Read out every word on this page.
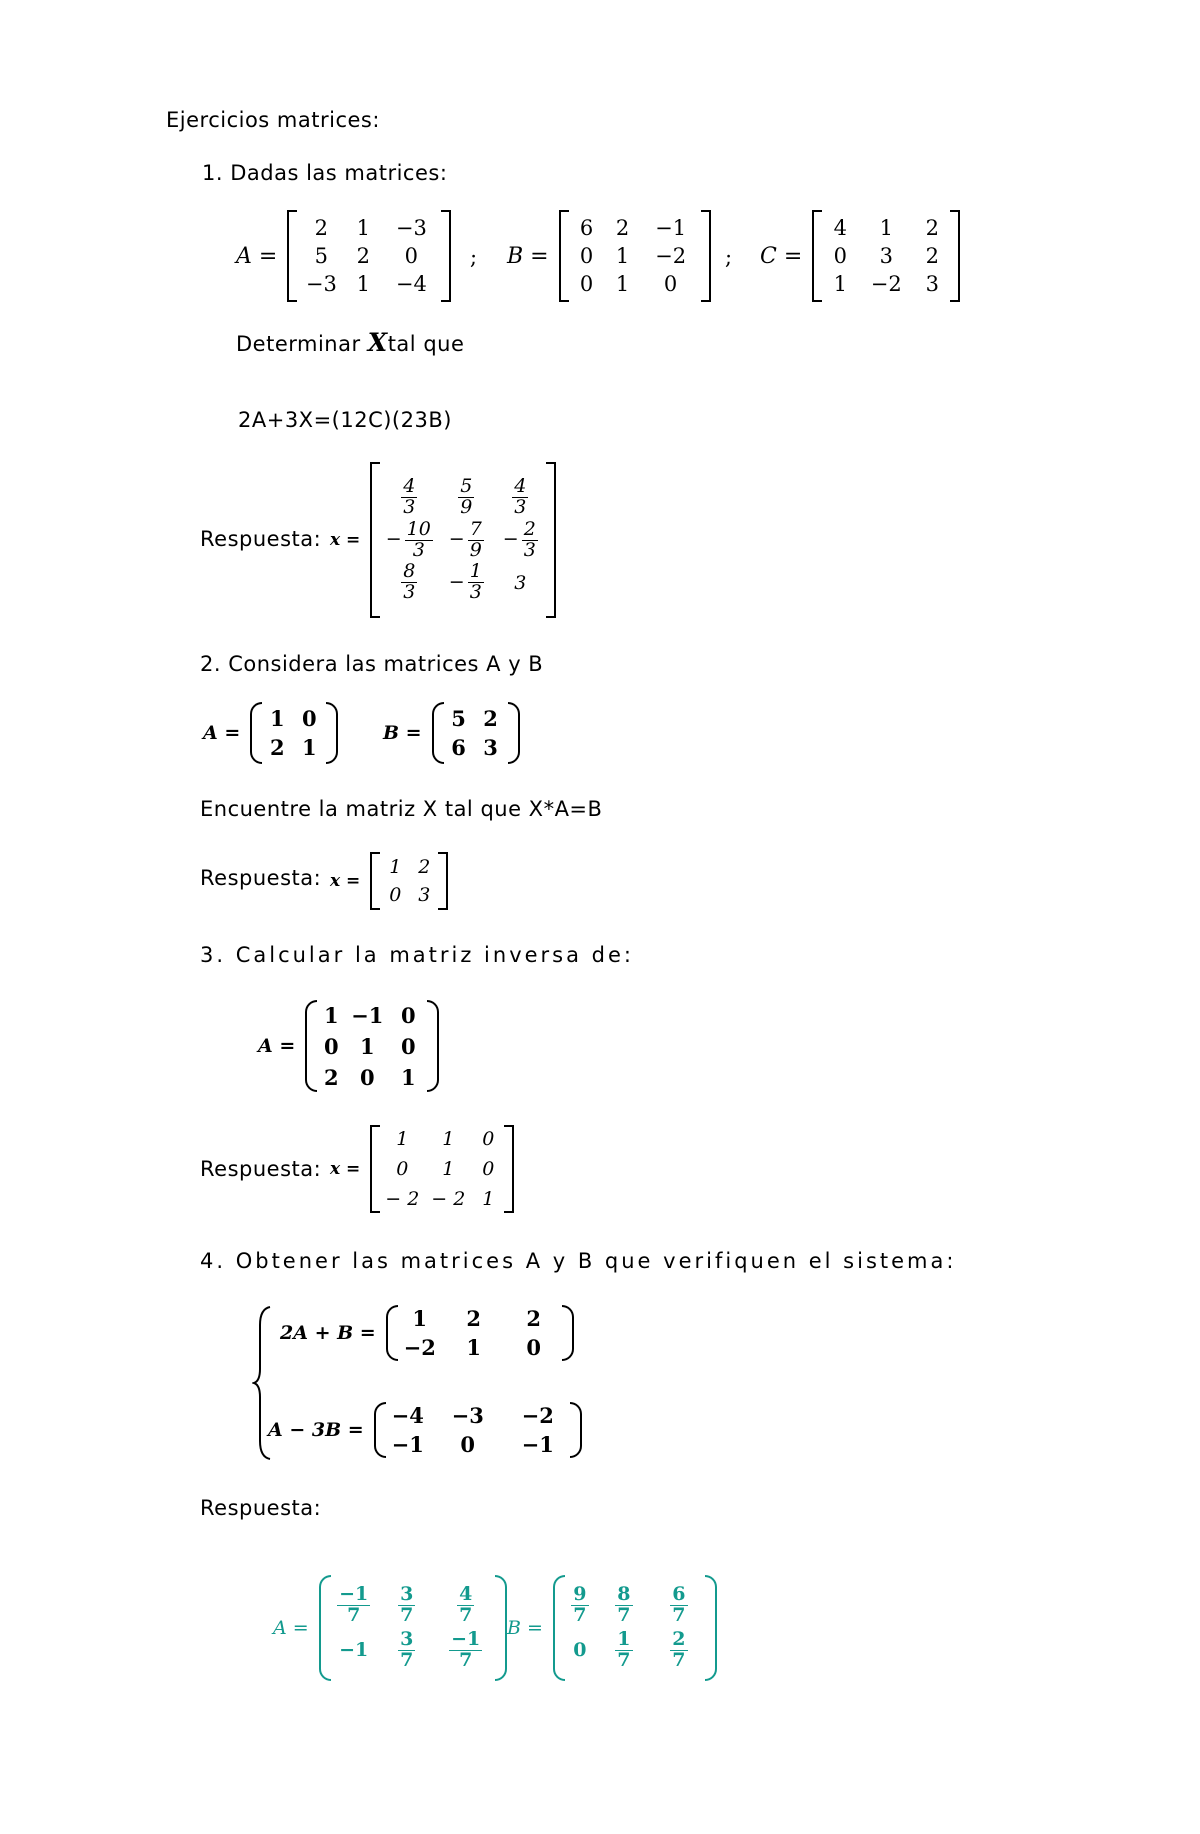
Ejercicios matrices:
1. Dadas las matrices:
A =
2 1 −3
5 2 0
−3 1 −4
; B =
6 2 −1
0 1 −2
0 1 0
; C =
4 1 2
0 3 2
1 −2 3
Determinar Xtal que
2A+3X=(12C)(23B)
Respuesta: x =
$\frac{4}{3} \frac{5}{9} \frac{4}{3}$
− $\frac{10}{3} - \frac{7}{9} - \frac{2}{3}$
$\frac{8}{3} - \frac{1}{3} 3$
2. Considera las matrices A y B
A =
1 0
2 1
B =
5 2
6 3
Encuentre la matriz X tal que X*A=B
Respuesta: x =
1 2
0 3
3. Calcular la matriz inversa de:
A =
1 −1 0
0 1 0
2 0 1
Respuesta: x =
1 1 0
0 1 0
− 2 − 2 1
4. Obtener las matrices A y B que verifiquen el sistema:
2A + B =
1 2 2
−2 1 0
A − 3B =
−4 −3 −2
−1 0 −1
Respuesta:
A =
$\frac{-1}{7} \frac{3}{7} \frac{4}{7}$
$-1 \frac{3}{7} \frac{-1}{7}$
B =
$\frac{9}{7} \frac{8}{7} \frac{6}{7}$
$0 \frac{1}{7} \frac{2}{7}$
